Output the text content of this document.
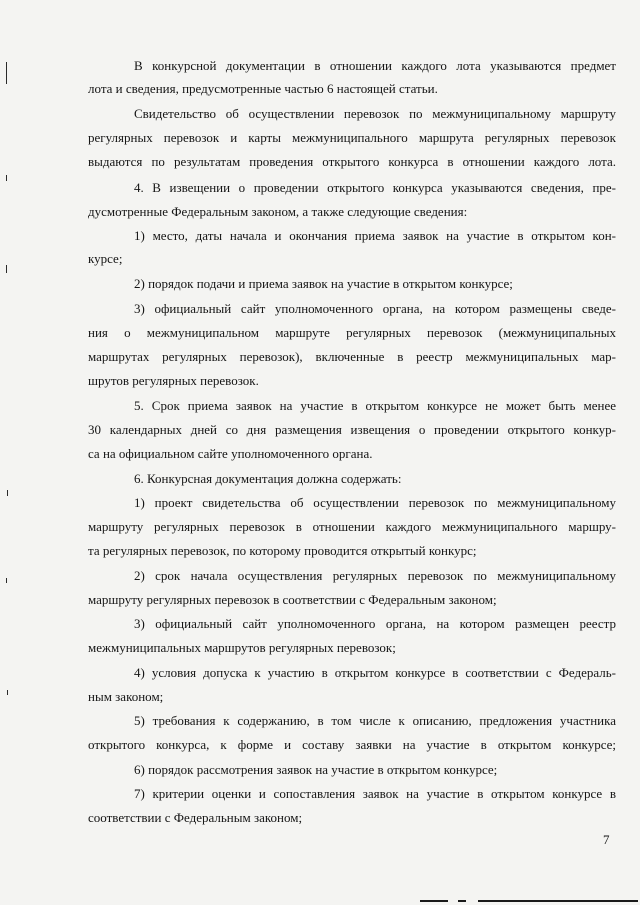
В конкурсной документации в отношении каждого лота указываются предмет
лота и сведения, предусмотренные частью 6 настоящей статьи.
Свидетельство об осуществлении перевозок по межмуниципальному маршруту
регулярных перевозок и карты межмуниципального маршрута регулярных перевозок
выдаются по результатам проведения открытого конкурса в отношении каждого лота.
4. В извещении о проведении открытого конкурса указываются сведения, пре-
дусмотренные Федеральным законом, а также следующие сведения:
1) место, даты начала и окончания приема заявок на участие в открытом кон-
курсе;
2) порядок подачи и приема заявок на участие в открытом конкурсе;
3) официальный сайт уполномоченного органа, на котором размещены сведе-
ния о межмуниципальном маршруте регулярных перевозок (межмуниципальных
маршрутах регулярных перевозок), включенные в реестр межмуниципальных мар-
шрутов регулярных перевозок.
5. Срок приема заявок на участие в открытом конкурсе не может быть менее
30 календарных дней со дня размещения извещения о проведении открытого конкур-
са на официальном сайте уполномоченного органа.
6. Конкурсная документация должна содержать:
1) проект свидетельства об осуществлении перевозок по межмуниципальному
маршруту регулярных перевозок в отношении каждого межмуниципального маршру-
та регулярных перевозок, по которому проводится открытый конкурс;
2) срок начала осуществления регулярных перевозок по межмуниципальному
маршруту регулярных перевозок в соответствии с Федеральным законом;
3) официальный сайт уполномоченного органа, на котором размещен реестр
межмуниципальных маршрутов регулярных перевозок;
4) условия допуска к участию в открытом конкурсе в соответствии с Федераль-
ным законом;
5) требования к содержанию, в том числе к описанию, предложения участника
открытого конкурса, к форме и составу заявки на участие в открытом конкурсе;
6) порядок рассмотрения заявок на участие в открытом конкурсе;
7) критерии оценки и сопоставления заявок на участие в открытом конкурсе в
соответствии с Федеральным законом;
7
